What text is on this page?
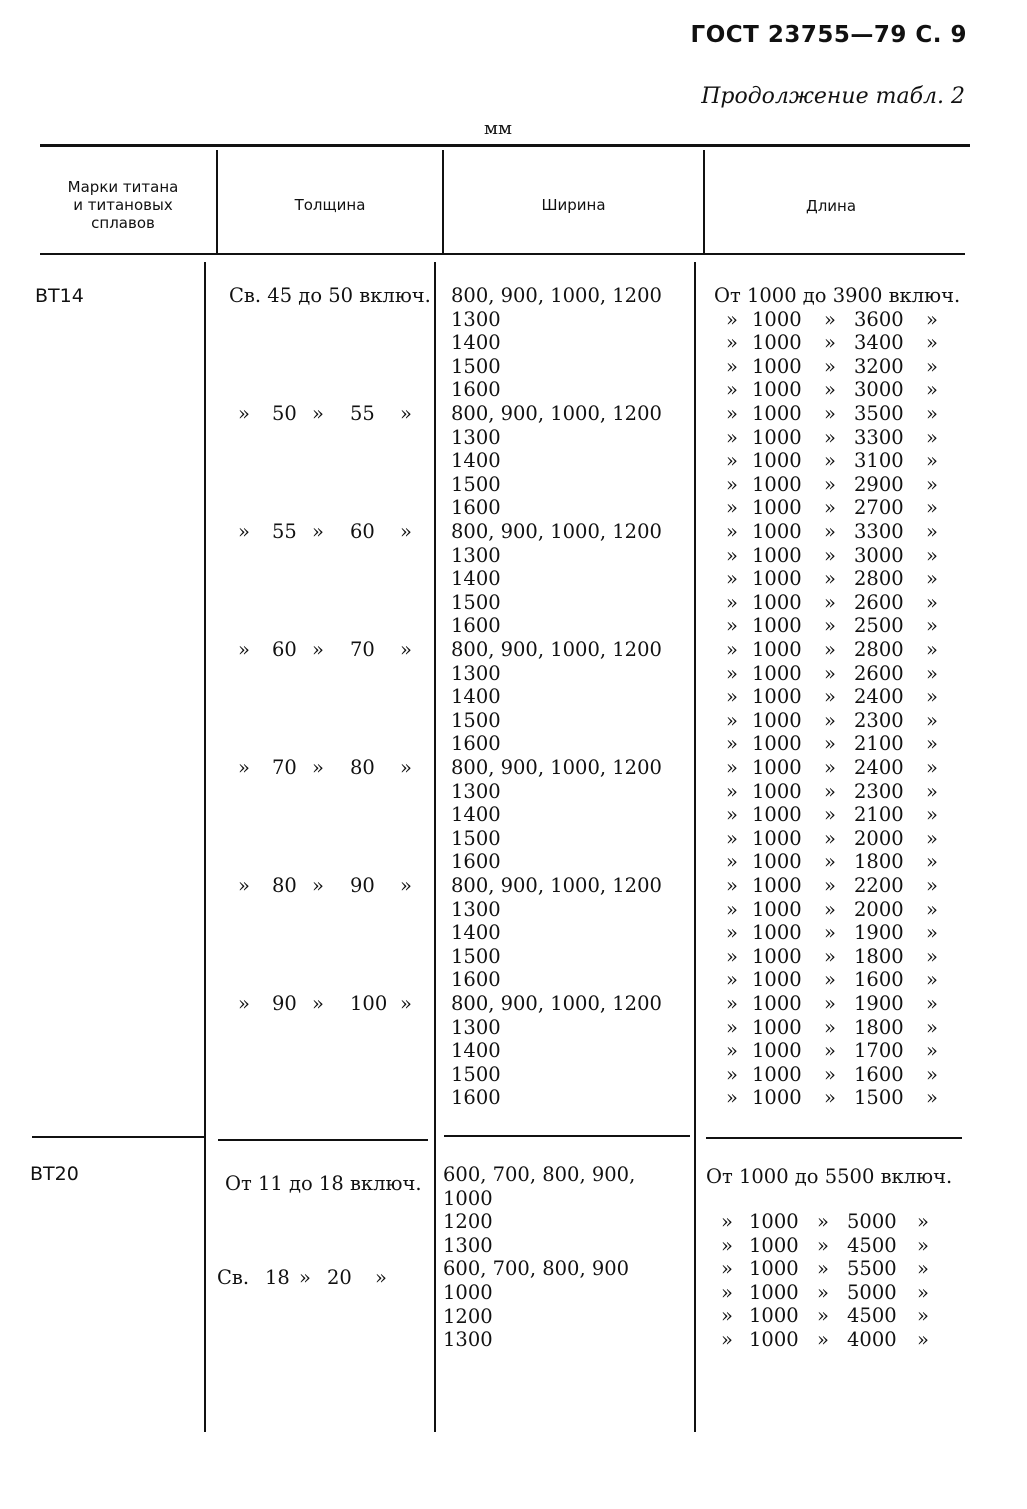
ГОСТ 23755—79 С. 9
Продолжение табл. 2
мм
Марки титана
и титановых
сплавов
Толщина	Ширина	Длина
ВТ14
ВТ20
800, 900, 1000, 1200
1300
1400
1500
1600
800, 900, 1000, 1200
1300
1400
1500
1600
800, 900, 1000, 1200
1300
1400
1500
1600
800, 900, 1000, 1200
1300
1400
1500
1600
800, 900, 1000, 1200
1300
1400
1500
1600
800, 900, 1000, 1200
1300
1400
1500
1600
800, 900, 1000, 1200
1300
1400
1500
1600
От 1000 до 3900 включ.
» 1000 » 3600 »
» 1000 » 3400 »
» 1000 » 3200 »
» 1000 » 3000 »
» 1000 » 3500 »
» 1000 » 3300 »
» 1000 » 3100 »
» 1000 » 2900 »
» 1000 » 2700 »
» 1000 » 3300 »
» 1000 » 3000 »
» 1000 » 2800 »
» 1000 » 2600 »
» 1000 » 2500 »
» 1000 » 2800 »
» 1000 » 2600 »
» 1000 » 2400 »
» 1000 » 2300 »
» 1000 » 2100 »
» 1000 » 2400 »
» 1000 » 2300 »
» 1000 » 2100 »
» 1000 » 2000 »
» 1000 » 1800 »
» 1000 » 2200 »
» 1000 » 2000 »
» 1000 » 1900 »
» 1000 » 1800 »
» 1000 » 1600 »
» 1000 » 1900 »
» 1000 » 1800 »
» 1000 » 1700 »
» 1000 » 1600 »
» 1000 » 1500 »
Св. 45 до 50 включ.
» 50 » 55 »
» 55 » 60 »
» 60 » 70 »
» 70 » 80 »
» 80 » 90 »
» 90 » 100 »
600, 700, 800, 900,
1000
1200
1300
600, 700, 800, 900
1000
1200
1300
От 1000 до 5500 включ.
» 1000 » 5000 »
» 1000 » 4500 »
» 1000 » 5500 »
» 1000 » 5000 »
» 1000 » 4500 »
» 1000 » 4000 »
От 11 до 18 включ.
Св. 18 » 20 »
